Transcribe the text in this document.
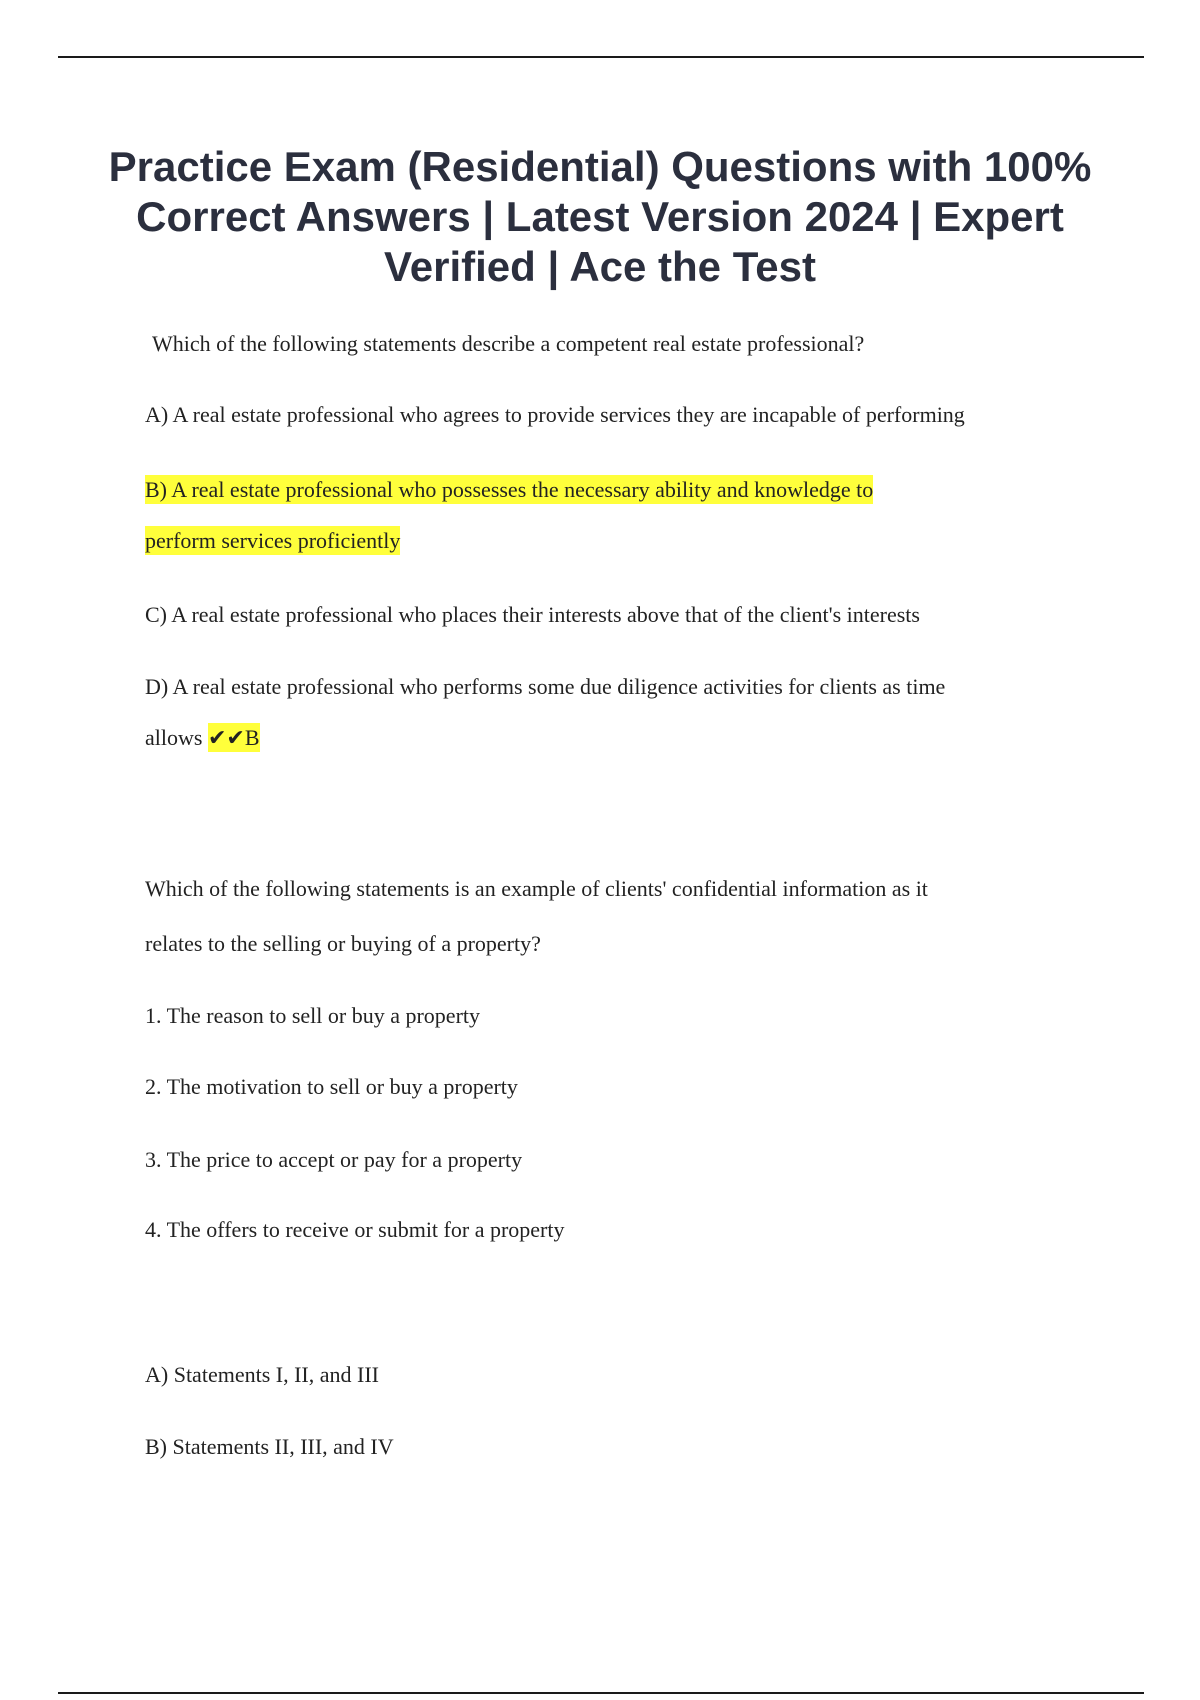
Practice Exam (Residential) Questions with 100% Correct Answers | Latest Version 2024 | Expert Verified | Ace the Test

Which of the following statements describe a competent real estate professional?

A) A real estate professional who agrees to provide services they are incapable of performing

B) A real estate professional who possesses the necessary ability and knowledge to

perform services proficiently

C) A real estate professional who places their interests above that of the client's interests

D) A real estate professional who performs some due diligence activities for clients as time

allows ✔✔B

Which of the following statements is an example of clients' confidential information as it

relates to the selling or buying of a property?

1. The reason to sell or buy a property

2. The motivation to sell or buy a property

3. The price to accept or pay for a property

4. The offers to receive or submit for a property

A) Statements I, II, and III

B) Statements II, III, and IV
